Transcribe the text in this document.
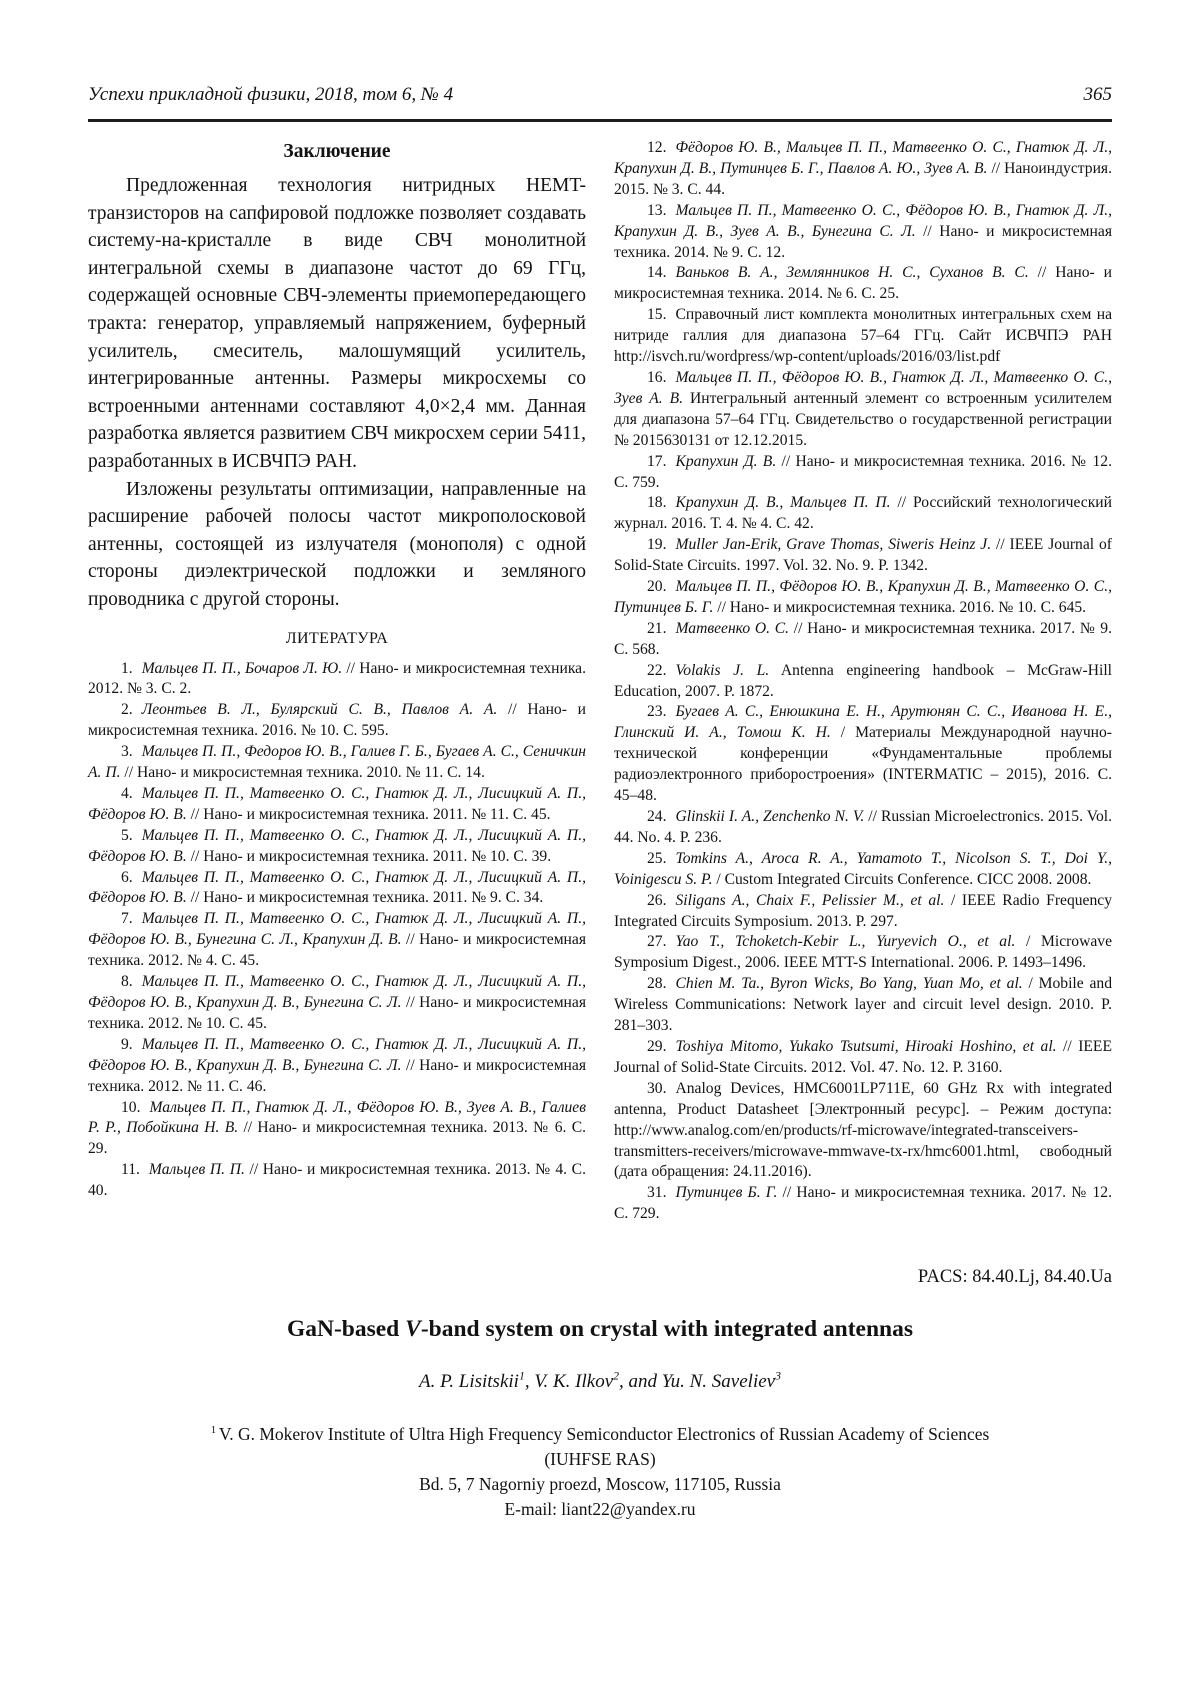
Успехи прикладной физики, 2018, том 6, № 4	365
Заключение

Предложенная технология нитридных HEMT-транзисторов на сапфировой подложке позволяет создавать систему-на-кристалле в виде СВЧ монолитной интегральной схемы в диапазоне частот до 69 ГГц, содержащей основные СВЧ-элементы приемопередающего тракта: генератор, управляемый напряжением, буферный усилитель, смеситель, малошумящий усилитель, интегрированные антенны. Размеры микросхемы со встроенными антеннами составляют 4,0×2,4 мм. Данная разработка является развитием СВЧ микросхем серии 5411, разработанных в ИСВЧПЭ РАН.

Изложены результаты оптимизации, направленные на расширение рабочей полосы частот микрополосковой антенны, состоящей из излучателя (монополя) с одной стороны диэлектрической подложки и земляного проводника с другой стороны.

ЛИТЕРАТУРА

1. Мальцев П. П., Бочаров Л. Ю. // Нано- и микросистемная техника. 2012. № 3. С. 2.

2. Леонтьев В. Л., Булярский С. В., Павлов А. А. // Нано- и микросистемная техника. 2016. № 10. С. 595.

3. Мальцев П. П., Федоров Ю. В., Галиев Г. Б., Бугаев А. С., Сеничкин А. П. // Нано- и микросистемная техника. 2010. № 11. С. 14.

4. Мальцев П. П., Матвеенко О. С., Гнатюк Д. Л., Лисицкий А. П., Фёдоров Ю. В. // Нано- и микросистемная техника. 2011. № 11. С. 45.

5. Мальцев П. П., Матвеенко О. С., Гнатюк Д. Л., Лисицкий А. П., Фёдоров Ю. В. // Нано- и микросистемная техника. 2011. № 10. С. 39.

6. Мальцев П. П., Матвеенко О. С., Гнатюк Д. Л., Лисицкий А. П., Фёдоров Ю. В. // Нано- и микросистемная техника. 2011. № 9. С. 34.

7. Мальцев П. П., Матвеенко О. С., Гнатюк Д. Л., Лисицкий А. П., Фёдоров Ю. В., Бунегина С. Л., Крапухин Д. В. // Нано- и микросистемная техника. 2012. № 4. С. 45.

8. Мальцев П. П., Матвеенко О. С., Гнатюк Д. Л., Лисицкий А. П., Фёдоров Ю. В., Крапухин Д. В., Бунегина С. Л. // Нано- и микросистемная техника. 2012. № 10. С. 45.

9. Мальцев П. П., Матвеенко О. С., Гнатюк Д. Л., Лисицкий А. П., Фёдоров Ю. В., Крапухин Д. В., Бунегина С. Л. // Нано- и микросистемная техника. 2012. № 11. С. 46.

10. Мальцев П. П., Гнатюк Д. Л., Фёдоров Ю. В., Зуев А. В., Галиев Р. Р., Побойкина Н. В. // Нано- и микросистемная техника. 2013. № 6. С. 29.

11. Мальцев П. П. // Нано- и микросистемная техника. 2013. № 4. С. 40.

12. Фёдоров Ю. В., Мальцев П. П., Матвеенко О. С., Гнатюк Д. Л., Крапухин Д. В., Путинцев Б. Г., Павлов А. Ю., Зуев А. В. // Наноиндустрия. 2015. № 3. С. 44.

13. Мальцев П. П., Матвеенко О. С., Фёдоров Ю. В., Гнатюк Д. Л., Крапухин Д. В., Зуев А. В., Бунегина С. Л. // Нано- и микросистемная техника. 2014. № 9. С. 12.

14. Ваньков В. А., Землянников Н. С., Суханов В. С. // Нано- и микросистемная техника. 2014. № 6. С. 25.

15. Справочный лист комплекта монолитных интегральных схем на нитриде галлия для диапазона 57–64 ГГц. Сайт ИСВЧПЭ РАН http://isvch.ru/wordpress/wp-content/uploads/2016/03/list.pdf

16. Мальцев П. П., Фёдоров Ю. В., Гнатюк Д. Л., Матвеенко О. С., Зуев А. В. Интегральный антенный элемент со встроенным усилителем для диапазона 57–64 ГГц. Свидетельство о государственной регистрации № 2015630131 от 12.12.2015.

17. Крапухин Д. В. // Нано- и микросистемная техника. 2016. № 12. С. 759.

18. Крапухин Д. В., Мальцев П. П. // Российский технологический журнал. 2016. Т. 4. № 4. С. 42.

19. Muller Jan-Erik, Grave Thomas, Siweris Heinz J. // IEEE Journal of Solid-State Circuits. 1997. Vol. 32. No. 9. P. 1342.

20. Мальцев П. П., Фёдоров Ю. В., Крапухин Д. В., Матвеенко О. С., Путинцев Б. Г. // Нано- и микросистемная техника. 2016. № 10. С. 645.

21. Матвеенко О. С. // Нано- и микросистемная техника. 2017. № 9. С. 568.

22. Volakis J. L. Antenna engineering handbook – McGraw-Hill Education, 2007. P. 1872.

23. Бугаев А. С., Енюшкина Е. Н., Арутюнян С. С., Иванова Н. Е., Глинский И. А., Томош К. Н. / Материалы Международной научно-технической конференции «Фундаментальные проблемы радиоэлектронного приборостроения» (INTERMATIC – 2015), 2016. С. 45–48.

24. Glinskii I. A., Zenchenko N. V. // Russian Microelectronics. 2015. Vol. 44. No. 4. P. 236.

25. Tomkins A., Aroca R. A., Yamamoto T., Nicolson S. T., Doi Y., Voinigescu S. P. / Custom Integrated Circuits Conference. CICC 2008. 2008.

26. Siligans A., Chaix F., Pelissier M., et al. / IEEE Radio Frequency Integrated Circuits Symposium. 2013. P. 297.

27. Yao T., Tchoketch-Kebir L., Yuryevich O., et al. / Microwave Symposium Digest., 2006. IEEE MTT-S International. 2006. P. 1493–1496.

28. Chien M. Ta., Byron Wicks, Bo Yang, Yuan Mo, et al. / Mobile and Wireless Communications: Network layer and circuit level design. 2010. P. 281–303.

29. Toshiya Mitomo, Yukako Tsutsumi, Hiroaki Hoshino, et al. // IEEE Journal of Solid-State Circuits. 2012. Vol. 47. No. 12. P. 3160.

30. Analog Devices, HMC6001LP711E, 60 GHz Rx with integrated antenna, Product Datasheet [Электронный ресурс]. – Режим доступа: http://www.analog.com/en/products/rf-microwave/integrated-transceivers-transmitters-receivers/microwave-mmwave-tx-rx/hmc6001.html, свободный (дата обращения: 24.11.2016).

31. Путинцев Б. Г. // Нано- и микросистемная техника. 2017. № 12. С. 729.

PACS: 84.40.Lj, 84.40.Ua
GaN-based V-band system on crystal with integrated antennas
A. P. Lisitskii$^1$, V. K. Ilkov$^2$, and Yu. N. Saveliev$^3$
$^1$ V. G. Mokerov Institute of Ultra High Frequency Semiconductor Electronics of Russian Academy of Sciences
(IUHFSE RAS)
Bd. 5, 7 Nagorniy proezd, Moscow, 117105, Russia
E-mail: liant22@yandex.ru
